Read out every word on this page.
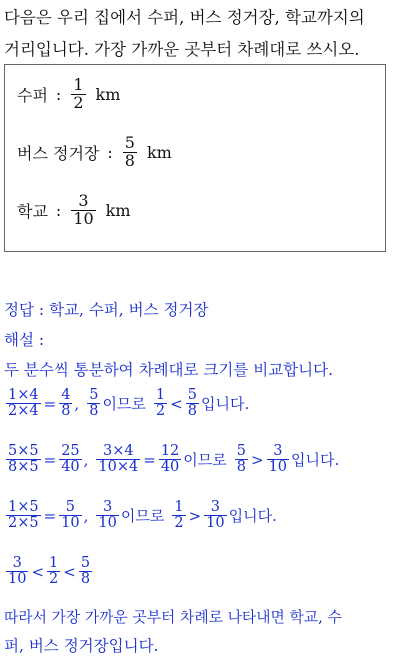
다음은 우리 집에서 수퍼, 버스 정거장, 학교까지의
거리입니다. 가장 가까운 곳부터 차례대로 쓰시오.
수퍼 : $\frac{1}{2}$ km
버스 정거장 : $\frac{5}{8}$ km
학교 : $\frac{3}{10}$ km
정답 : 학교, 수퍼, 버스 정거장
해설 :
두 분수씩 통분하여 차례대로 크기를 비교합니다.
$\frac{1\times 4}{2\times 4} = \frac{4}{8}$ , $\frac{5}{8}$ 이므로 $\frac{1}{2} < \frac{5}{8}$ 입니다.
$\frac{5\times 5}{8\times 5} = \frac{25}{40}$ , $\frac{3\times 4}{10\times 4} = \frac{12}{40}$ 이므로 $\frac{5}{8} > \frac{3}{10}$ 입니다.
$\frac{1\times 5}{2\times 5} = \frac{5}{10}$ , $\frac{3}{10}$ 이므로 $\frac{1}{2} > \frac{3}{10}$ 입니다.
$\frac{3}{10} < \frac{1}{2} < \frac{5}{8}$
따라서 가장 가까운 곳부터 차례로 나타내면 학교, 수
퍼, 버스 정거장입니다.
